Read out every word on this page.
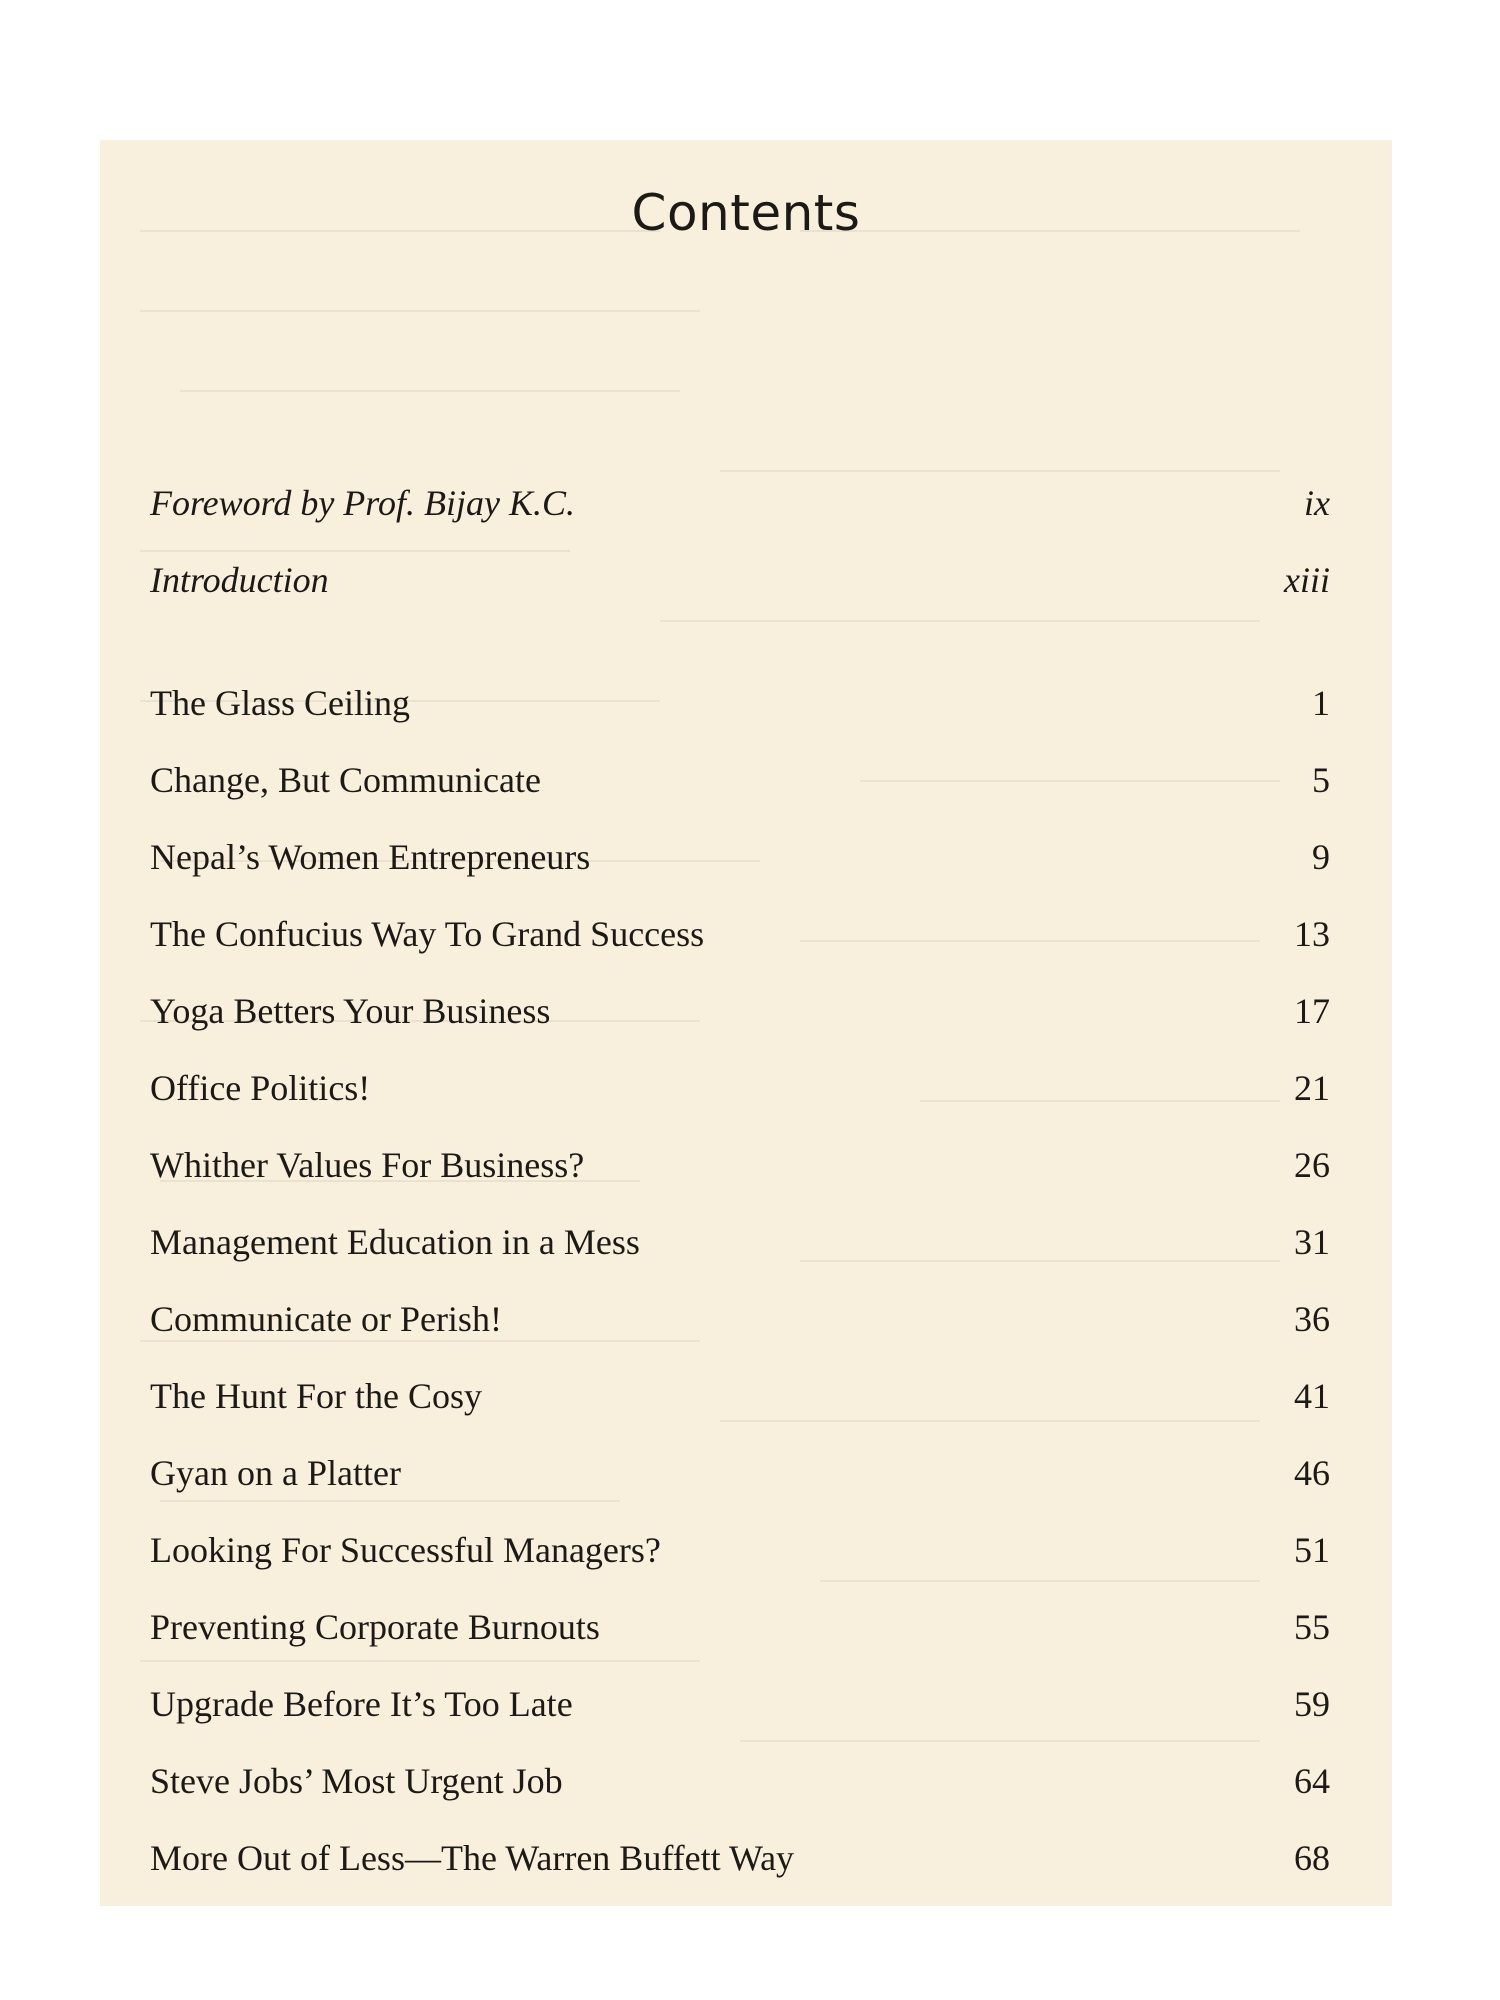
Contents
Foreword by Prof. Bijay K.C.	ix
Introduction	xiii
The Glass Ceiling	1
Change, But Communicate	5
Nepal’s Women Entrepreneurs	9
The Confucius Way To Grand Success	13
Yoga Betters Your Business	17
Office Politics!	21
Whither Values For Business?	26
Management Education in a Mess	31
Communicate or Perish!	36
The Hunt For the Cosy	41
Gyan on a Platter	46
Looking For Successful Managers?	51
Preventing Corporate Burnouts	55
Upgrade Before It’s Too Late	59
Steve Jobs’ Most Urgent Job	64
More Out of Less—The Warren Buffett Way	68
